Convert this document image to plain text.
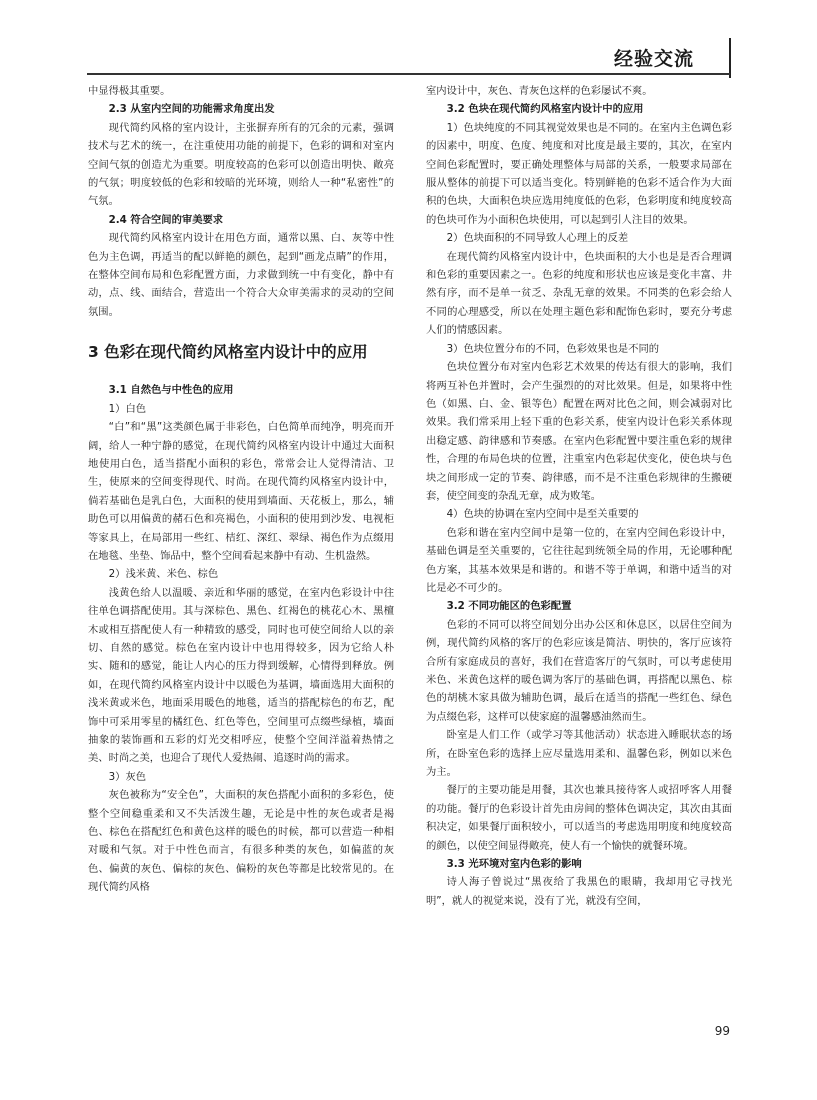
经验交流

中显得极其重要。

2.3 从室内空间的功能需求角度出发

现代简约风格的室内设计，主张摒弃所有的冗余的元素，强调技术与艺术的统一，在注重使用功能的前提下，色彩的调和对室内空间气氛的创造尤为重要。明度较高的色彩可以创造出明快、敞亮的气氛；明度较低的色彩和较暗的光环境，则给人一种“私密性”的气氛。

2.4 符合空间的审美要求

现代简约风格室内设计在用色方面，通常以黑、白、灰等中性色为主色调，再适当的配以鲜艳的颜色，起到“画龙点睛”的作用，在整体空间布局和色彩配置方面，力求做到统一中有变化，静中有动，点、线、面结合，营造出一个符合大众审美需求的灵动的空间氛围。

3 色彩在现代简约风格室内设计中的应用

3.1 自然色与中性色的应用

1）白色

“白”和“黑”这类颜色属于非彩色，白色简单而纯净，明亮而开阔，给人一种宁静的感觉，在现代简约风格室内设计中通过大面积地使用白色，适当搭配小面积的彩色，常常会让人觉得清洁、卫生，使原来的空间变得现代、时尚。在现代简约风格室内设计中，倘若基础色是乳白色，大面积的使用到墙面、天花板上，那么，辅助色可以用偏黄的赭石色和亮褐色，小面积的使用到沙发、电视柜等家具上，在局部用一些红、桔红、深红、翠绿、褐色作为点缀用在地毯、坐垫、饰品中，整个空间看起来静中有动、生机盎然。

2）浅米黄、米色、棕色

浅黄色给人以温暖、亲近和华丽的感觉，在室内色彩设计中往往单色调搭配使用。其与深棕色、黑色、红褐色的桃花心木、黑檀木或相互搭配使人有一种精致的感受，同时也可使空间给人以的亲切、自然的感觉。棕色在室内设计中也用得较多，因为它给人朴实、随和的感觉，能让人内心的压力得到缓解，心情得到释放。例如，在现代简约风格室内设计中以暖色为基调，墙面选用大面积的浅米黄或米色，地面采用暖色的地毯，适当的搭配棕色的布艺，配饰中可采用零星的橘红色、红色等色，空间里可点缀些绿植，墙面抽象的装饰画和五彩的灯光交相呼应，使整个空间洋溢着热情之美、时尚之美，也迎合了现代人爱热闹、追逐时尚的需求。

3）灰色

灰色被称为“安全色”，大面积的灰色搭配小面积的多彩色，使整个空间稳重柔和又不失活泼生趣，无论是中性的灰色或者是褐色、棕色在搭配红色和黄色这样的暖色的时候，都可以营造一种相对暖和气氛。对于中性色而言，有很多种类的灰色，如偏蓝的灰色、偏黄的灰色、偏棕的灰色、偏粉的灰色等都是比较常见的。在现代简约风格

室内设计中，灰色、青灰色这样的色彩屡试不爽。

3.2 色块在现代简约风格室内设计中的应用

1）色块纯度的不同其视觉效果也是不同的。在室内主色调色彩的因素中，明度、色度、纯度和对比度是最主要的，其次，在室内空间色彩配置时，要正确处理整体与局部的关系，一般要求局部在服从整体的前提下可以适当变化。特别鲜艳的色彩不适合作为大面积的色块，大面积色块应选用纯度低的色彩，色彩明度和纯度较高的色块可作为小面积色块使用，可以起到引人注目的效果。

2）色块面积的不同导致人心理上的反差

在现代简约风格室内设计中，色块面积的大小也是是否合理调和色彩的重要因素之一。色彩的纯度和形状也应该是变化丰富、井然有序，而不是单一贫乏、杂乱无章的效果。不同类的色彩会给人不同的心理感受，所以在处理主题色彩和配饰色彩时，要充分考虑人们的情感因素。

3）色块位置分布的不同，色彩效果也是不同的

色块位置分布对室内色彩艺术效果的传达有很大的影响，我们将两互补色并置时，会产生强烈的的对比效果。但是，如果将中性色（如黑、白、金、银等色）配置在两对比色之间，则会减弱对比效果。我们常采用上轻下重的色彩关系，使室内设计色彩关系体现出稳定感、韵律感和节奏感。在室内色彩配置中要注重色彩的规律性，合理的布局色块的位置，注重室内色彩起伏变化，使色块与色块之间形成一定的节奏、韵律感，而不是不注重色彩规律的生搬硬套，使空间变的杂乱无章，成为败笔。

4）色块的协调在室内空间中是至关重要的

色彩和谐在室内空间中是第一位的，在室内空间色彩设计中，基础色调是至关重要的，它往往起到统领全局的作用，无论哪种配色方案，其基本效果是和谐的。和谐不等于单调，和谐中适当的对比是必不可少的。

3.2 不同功能区的色彩配置

色彩的不同可以将空间划分出办公区和休息区，以居住空间为例，现代简约风格的客厅的色彩应该是简洁、明快的，客厅应该符合所有家庭成员的喜好，我们在营造客厅的气氛时，可以考虑使用米色、米黄色这样的暖色调为客厅的基础色调，再搭配以黑色、棕色的胡桃木家具做为辅助色调，最后在适当的搭配一些红色、绿色为点缀色彩，这样可以使家庭的温馨感油然而生。

卧室是人们工作（或学习等其他活动）状态进入睡眠状态的场所，在卧室色彩的选择上应尽量选用柔和、温馨色彩，例如以米色为主。

餐厅的主要功能是用餐，其次也兼具接待客人或招呼客人用餐的功能。餐厅的色彩设计首先由房间的整体色调决定，其次由其面积决定，如果餐厅面积较小，可以适当的考虑选用明度和纯度较高的颜色，以使空间显得敞亮，使人有一个愉快的就餐环境。

3.3 光环境对室内色彩的影响

诗人海子曾说过“黑夜给了我黑色的眼睛，我却用它寻找光明”，就人的视觉来说，没有了光，就没有空间，

99
